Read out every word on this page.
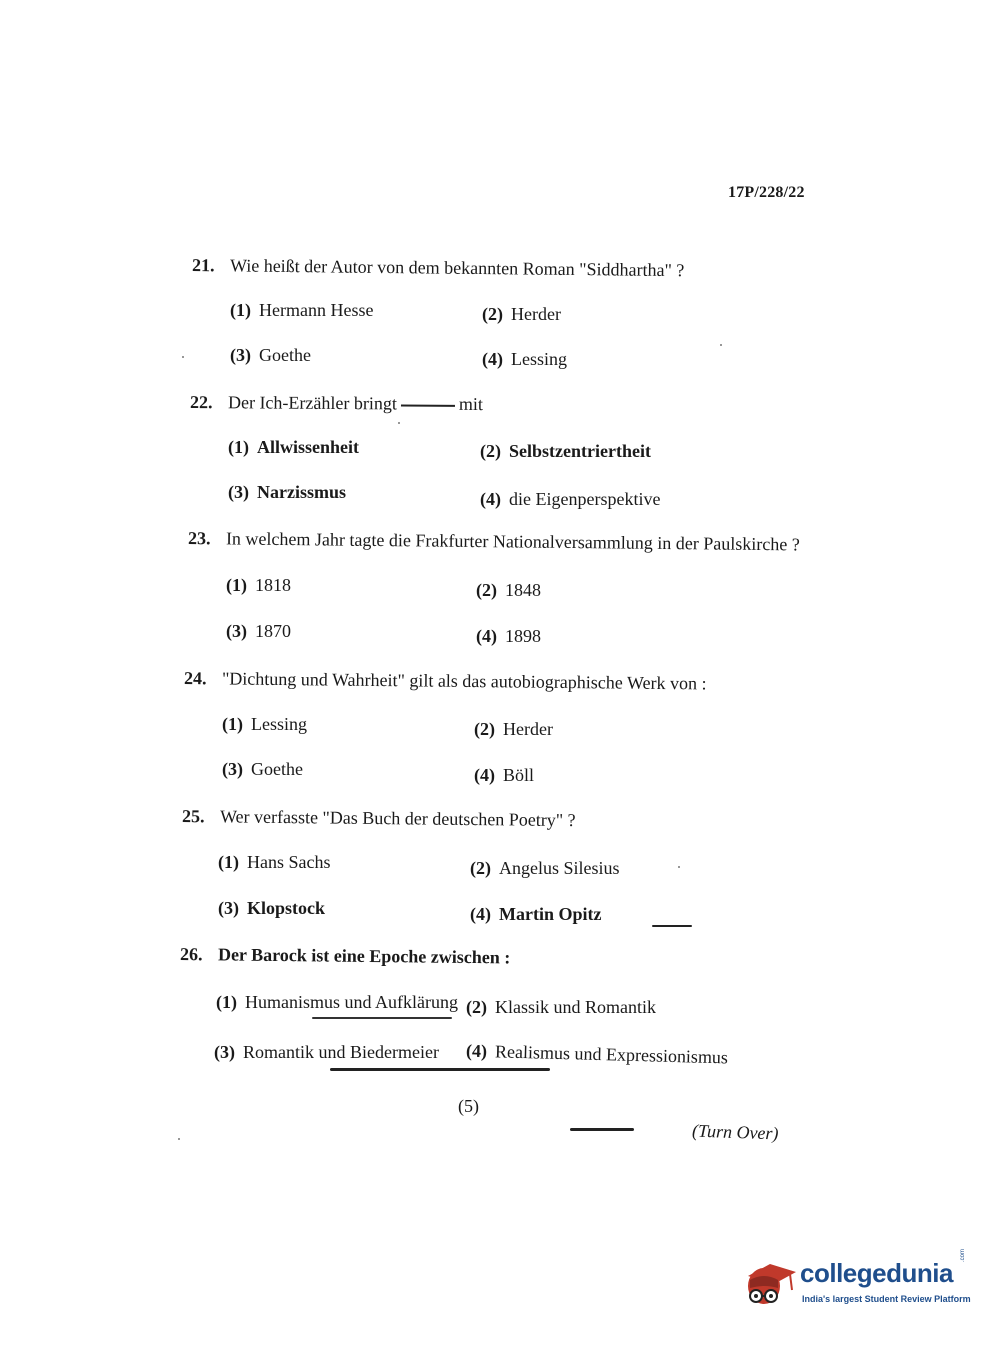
17P/228/22
21. Wie heißt der Autor von dem bekannten Roman "Siddhartha" ?
(1) Hermann Hesse	(2) Herder
(3) Goethe	(4) Lessing
22. Der Ich-Erzähler bringt	mit
(1) Allwissenheit	(2) Selbstzentriertheit
(3) Narzissmus	(4) die Eigenperspektive
23. In welchem Jahr tagte die Frakfurter Nationalversammlung in der Paulskirche ?
(1) 1818	(2) 1848
(3) 1870	(4) 1898
24. "Dichtung und Wahrheit" gilt als das autobiographische Werk von :
(1) Lessing	(2) Herder
(3) Goethe	(4) Böll
25. Wer verfasste "Das Buch der deutschen Poetry" ?
(1) Hans Sachs	(2) Angelus Silesius
(3) Klopstock	(4) Martin Opitz
26. Der Barock ist eine Epoche zwischen :
(1) Humanismus und Aufklärung (2) Klassik und Romantik
(3) Romantik und Biedermeier (4) Realismus und Expressionismus
(5)
(Turn Over)
collegedunia
.com
India's largest Student Review Platform
